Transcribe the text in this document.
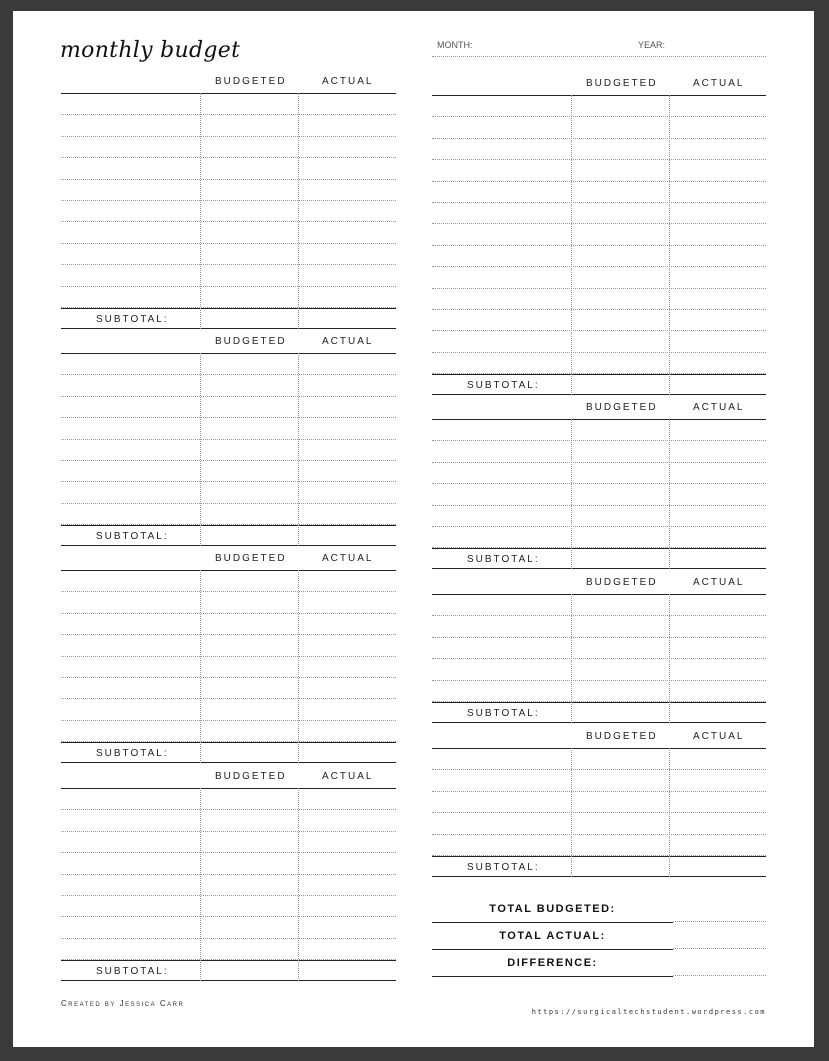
monthly budget	MONTH:	YEAR:
BUDGETED	ACTUAL
SUBTOTAL:
BUDGETED	ACTUAL
SUBTOTAL:
BUDGETED	ACTUAL
SUBTOTAL:
BUDGETED	ACTUAL
SUBTOTAL:
BUDGETED	ACTUAL
SUBTOTAL:
BUDGETED	ACTUAL
SUBTOTAL:
BUDGETED	ACTUAL
SUBTOTAL:
BUDGETED	ACTUAL
SUBTOTAL:
TOTAL BUDGETED:
TOTAL ACTUAL:
DIFFERENCE:
Created by Jessica Carr
https://surgicaltechstudent.wordpress.com
